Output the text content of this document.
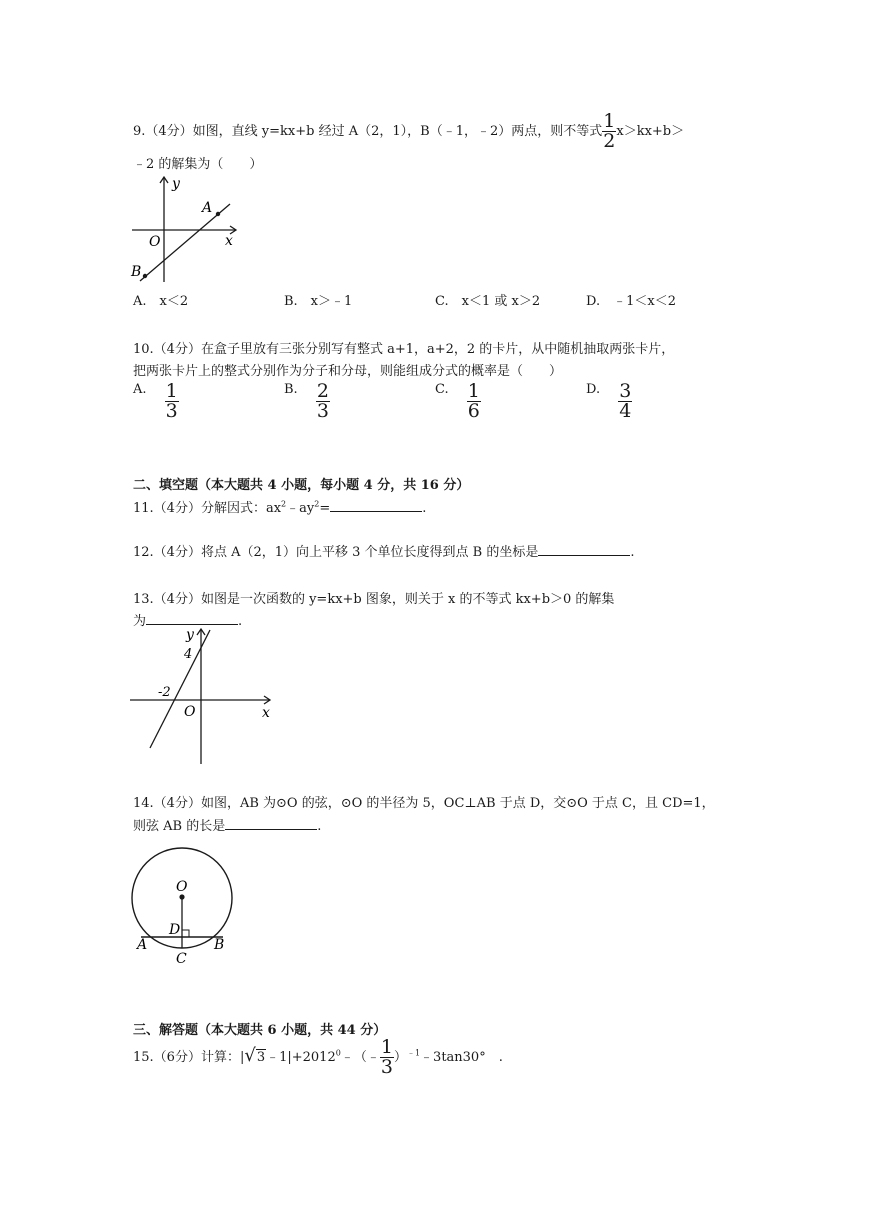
9.（4分）如图，直线 y=kx+b 经过 A（2，1），B（﹣1，﹣2）两点，则不等式 $\frac{1}{2} x>kx+b>$
﹣2 的解集为（　　）
y
x
O
A
B
A.　x＜2	B.　x＞﹣1	C.　x＜1 或 x＞2	D.　﹣1＜x＜2
10.（4分）在盒子里放有三张分别写有整式 a+1，a+2，2 的卡片，从中随机抽取两张卡片，
把两张卡片上的整式分别作为分子和分母，则能组成分式的概率是（　　）
A. $\frac{1}{3}$	B. $\frac{2}{3}$	C. $\frac{1}{6}$	D. $\frac{3}{4}$
二、填空题（本大题共 4 小题，每小题 4 分，共 16 分）
11.（4分）分解因式：$ax^2﹣ay^2=$	.
12.（4分）将点 A（2，1）向上平移 3 个单位长度得到点 B 的坐标是	.
13.（4分）如图是一次函数的 y=kx+b 图象，则关于 x 的不等式 kx+b＞0 的解集
为	.
y
x
O
4
-2
14.（4分）如图，AB 为⊙O 的弦，⊙O 的半径为 5，OC⊥AB 于点 D，交⊙O 于点 C，且 CD=1，
则弦 AB 的长是	.
O
D
A	B
C
三、解答题（本大题共 6 小题，共 44 分）
15.（6分）计算：$|√3﹣1|+2012^0﹣(﹣ \frac{1}{3}$ ）$^{﹣1}$﹣3tan30°　.
